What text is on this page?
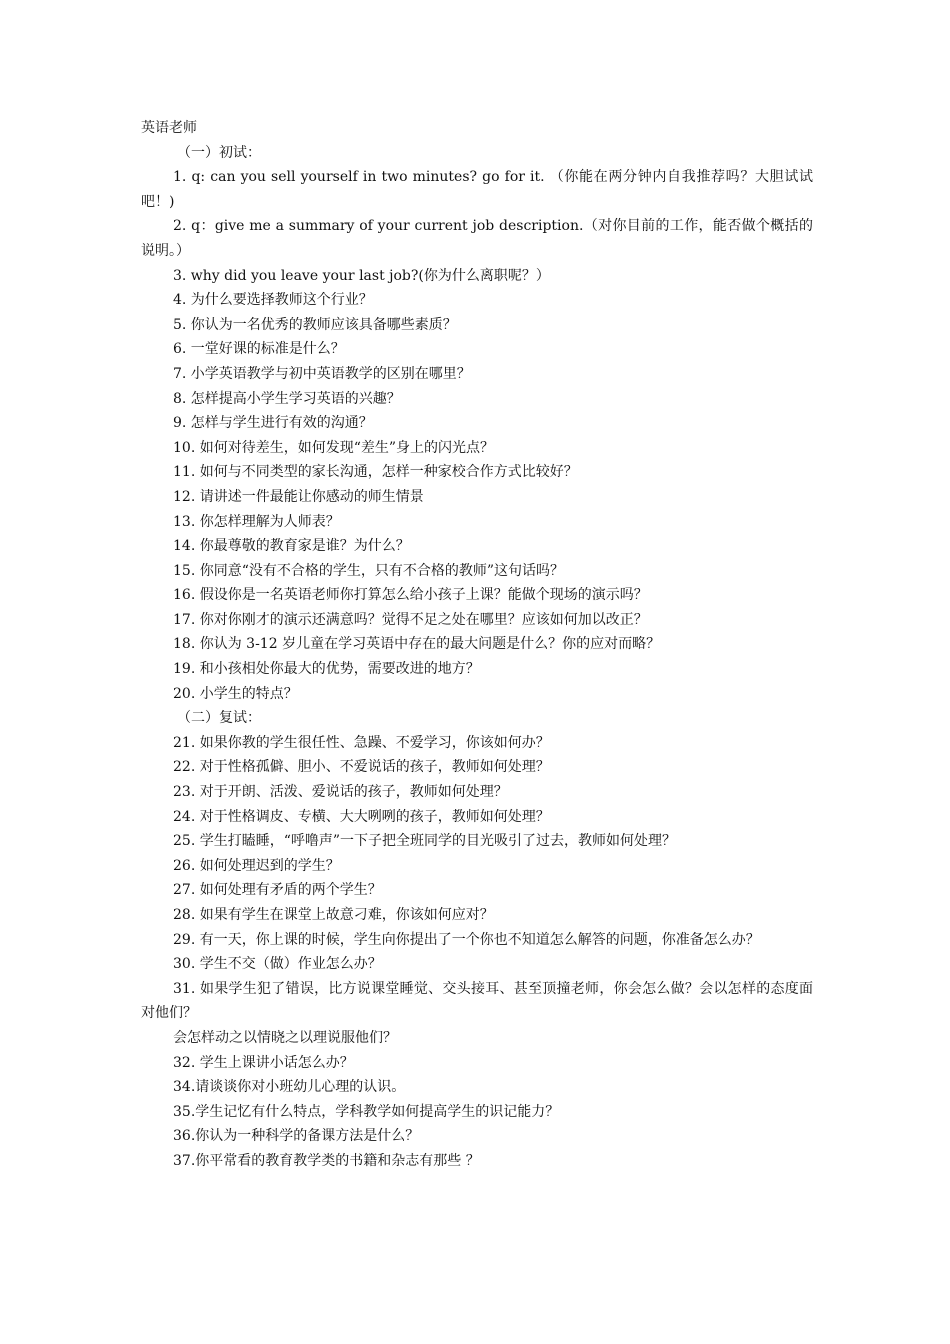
英语老师

（一）初试：

1. q: can you sell yourself in two minutes? go for it. （你能在两分钟内自我推荐吗？大胆试试吧！)

2. q：give me a summary of your current job description.（对你目前的工作，能否做个概括的说明。）

3. why did you leave your last job?(你为什么离职呢？）

4. 为什么要选择教师这个行业？

5. 你认为一名优秀的教师应该具备哪些素质？

6. 一堂好课的标准是什么？

7. 小学英语教学与初中英语教学的区别在哪里？

8. 怎样提高小学生学习英语的兴趣？

9. 怎样与学生进行有效的沟通？

10. 如何对待差生，如何发现“差生”身上的闪光点？

11. 如何与不同类型的家长沟通，怎样一种家校合作方式比较好？

12. 请讲述一件最能让你感动的师生情景

13. 你怎样理解为人师表？

14. 你最尊敬的教育家是谁？为什么？

15. 你同意“没有不合格的学生，只有不合格的教师”这句话吗？

16. 假设你是一名英语老师你打算怎么给小孩子上课？能做个现场的演示吗？

17. 你对你刚才的演示还满意吗？觉得不足之处在哪里？应该如何加以改正？

18. 你认为 3-12 岁儿童在学习英语中存在的最大问题是什么？你的应对而略？

19. 和小孩相处你最大的优势，需要改进的地方？

20. 小学生的特点？

（二）复试：

21. 如果你教的学生很任性、急躁、不爱学习，你该如何办？

22. 对于性格孤僻、胆小、不爱说话的孩子，教师如何处理？

23. 对于开朗、活泼、爱说话的孩子，教师如何处理？

24. 对于性格调皮、专横、大大咧咧的孩子，教师如何处理？

25. 学生打瞌睡，“呼噜声”一下子把全班同学的目光吸引了过去，教师如何处理？

26. 如何处理迟到的学生？

27. 如何处理有矛盾的两个学生？

28. 如果有学生在课堂上故意刁难，你该如何应对？

29. 有一天，你上课的时候，学生向你提出了一个你也不知道怎么解答的问题，你准备怎么办？

30. 学生不交（做）作业怎么办？

31. 如果学生犯了错误，比方说课堂睡觉、交头接耳、甚至顶撞老师，你会怎么做？会以怎样的态度面对他们？

会怎样动之以情晓之以理说服他们？

32. 学生上课讲小话怎么办？

34.请谈谈你对小班幼儿心理的认识。

35.学生记忆有什么特点，学科教学如何提高学生的识记能力？

36.你认为一种科学的备课方法是什么？

37.你平常看的教育教学类的书籍和杂志有那些 ？
